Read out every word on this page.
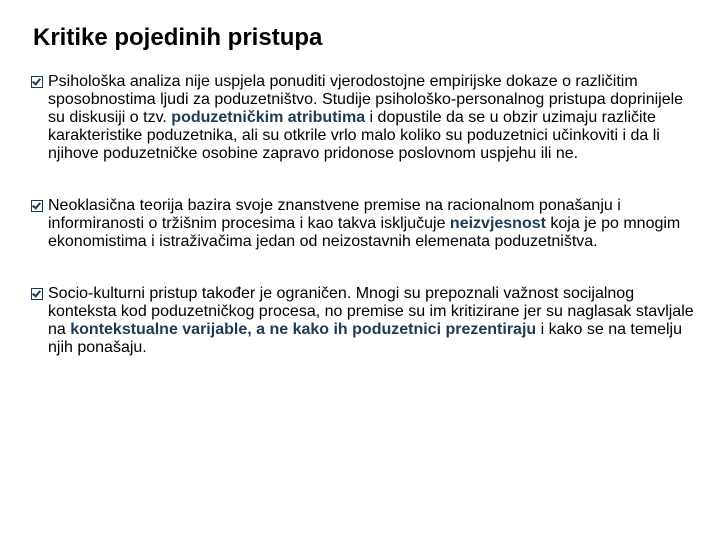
Kritike pojedinih pristupa
Psihološka analiza nije uspjela ponuditi vjerodostojne empirijske dokaze o različitim sposobnostima ljudi za poduzetništvo. Studije psihološko-personalnog pristupa doprinijele su diskusiji o tzv. poduzetničkim atributima i dopustile da se u obzir uzimaju različite karakteristike poduzetnika, ali su otkrile vrlo malo koliko su poduzetnici učinkoviti i da li njihove poduzetničke osobine zapravo pridonose poslovnom uspjehu ili ne.
Neoklasična teorija bazira svoje znanstvene premise na racionalnom ponašanju i informiranosti o tržišnim procesima i kao takva isključuje neizvjesnost koja je po mnogim ekonomistima i istraživačima jedan od neizostavnih elemenata poduzetništva.
Socio-kulturni pristup također je ograničen. Mnogi su prepoznali važnost socijalnog konteksta kod poduzetničkog procesa, no premise su im kritizirane jer su naglasak stavljale na kontekstualne varijable, a ne kako ih poduzetnici prezentiraju i kako se na temelju njih ponašaju.
